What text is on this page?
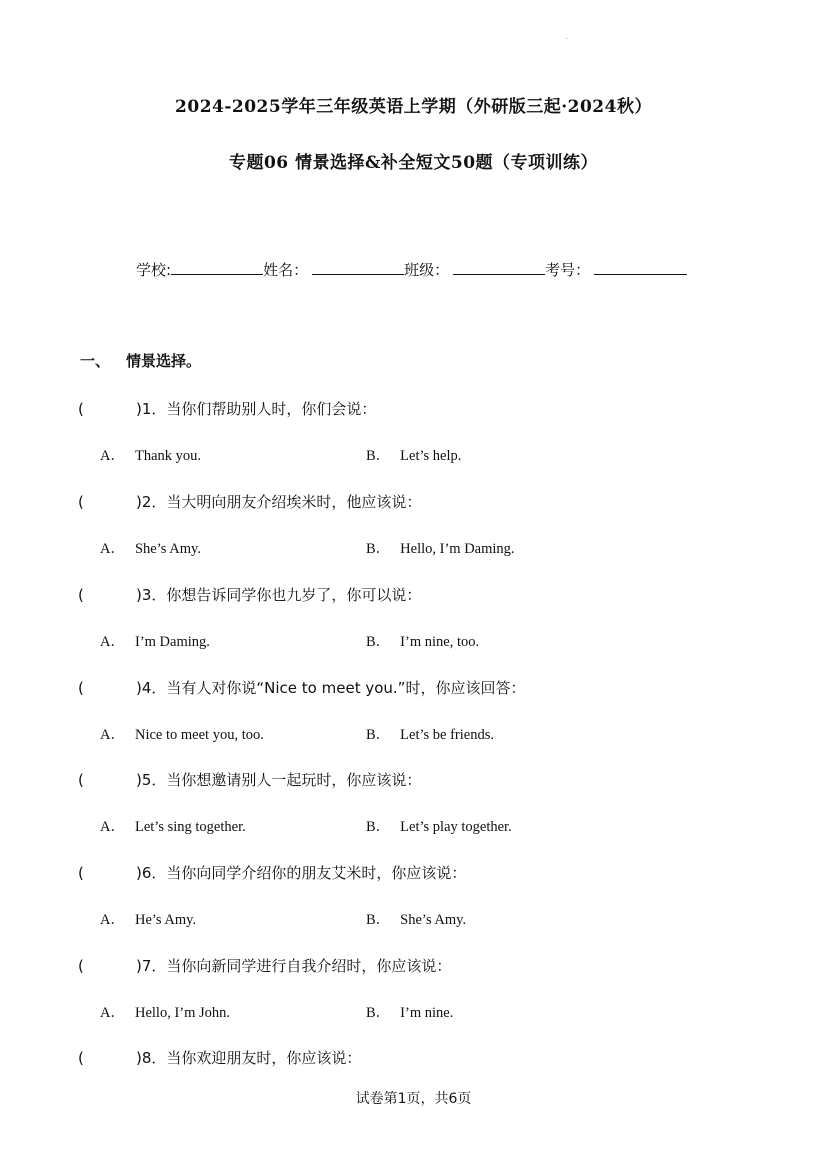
·
2024-2025学年三年级英语上学期（外研版三起·2024秋）
专题06 情景选择&补全短文50题（专项训练）
学校:	姓名：	班级：	考号：
一、 情景选择。
(	)1．当你们帮助别人时，你们会说：
A． Thank you.	B． Let’s help.
(	)2．当大明向朋友介绍埃米时，他应该说：
A． She’s Amy.	B． Hello, I’m Daming.
(	)3．你想告诉同学你也九岁了，你可以说：
A． I’m Daming.	B． I’m nine, too.
(	)4．当有人对你说“Nice to meet you.”时，你应该回答：
A． Nice to meet you, too.	B． Let’s be friends.
(	)5．当你想邀请别人一起玩时，你应该说：
A． Let’s sing together.	B． Let’s play together.
(	)6．当你向同学介绍你的朋友艾米时，你应该说：
A． He’s Amy.	B． She’s Amy.
(	)7．当你向新同学进行自我介绍时，你应该说：
A． Hello, I’m John.	B． I’m nine.
(	)8．当你欢迎朋友时，你应该说：
试卷第1页，共6页
